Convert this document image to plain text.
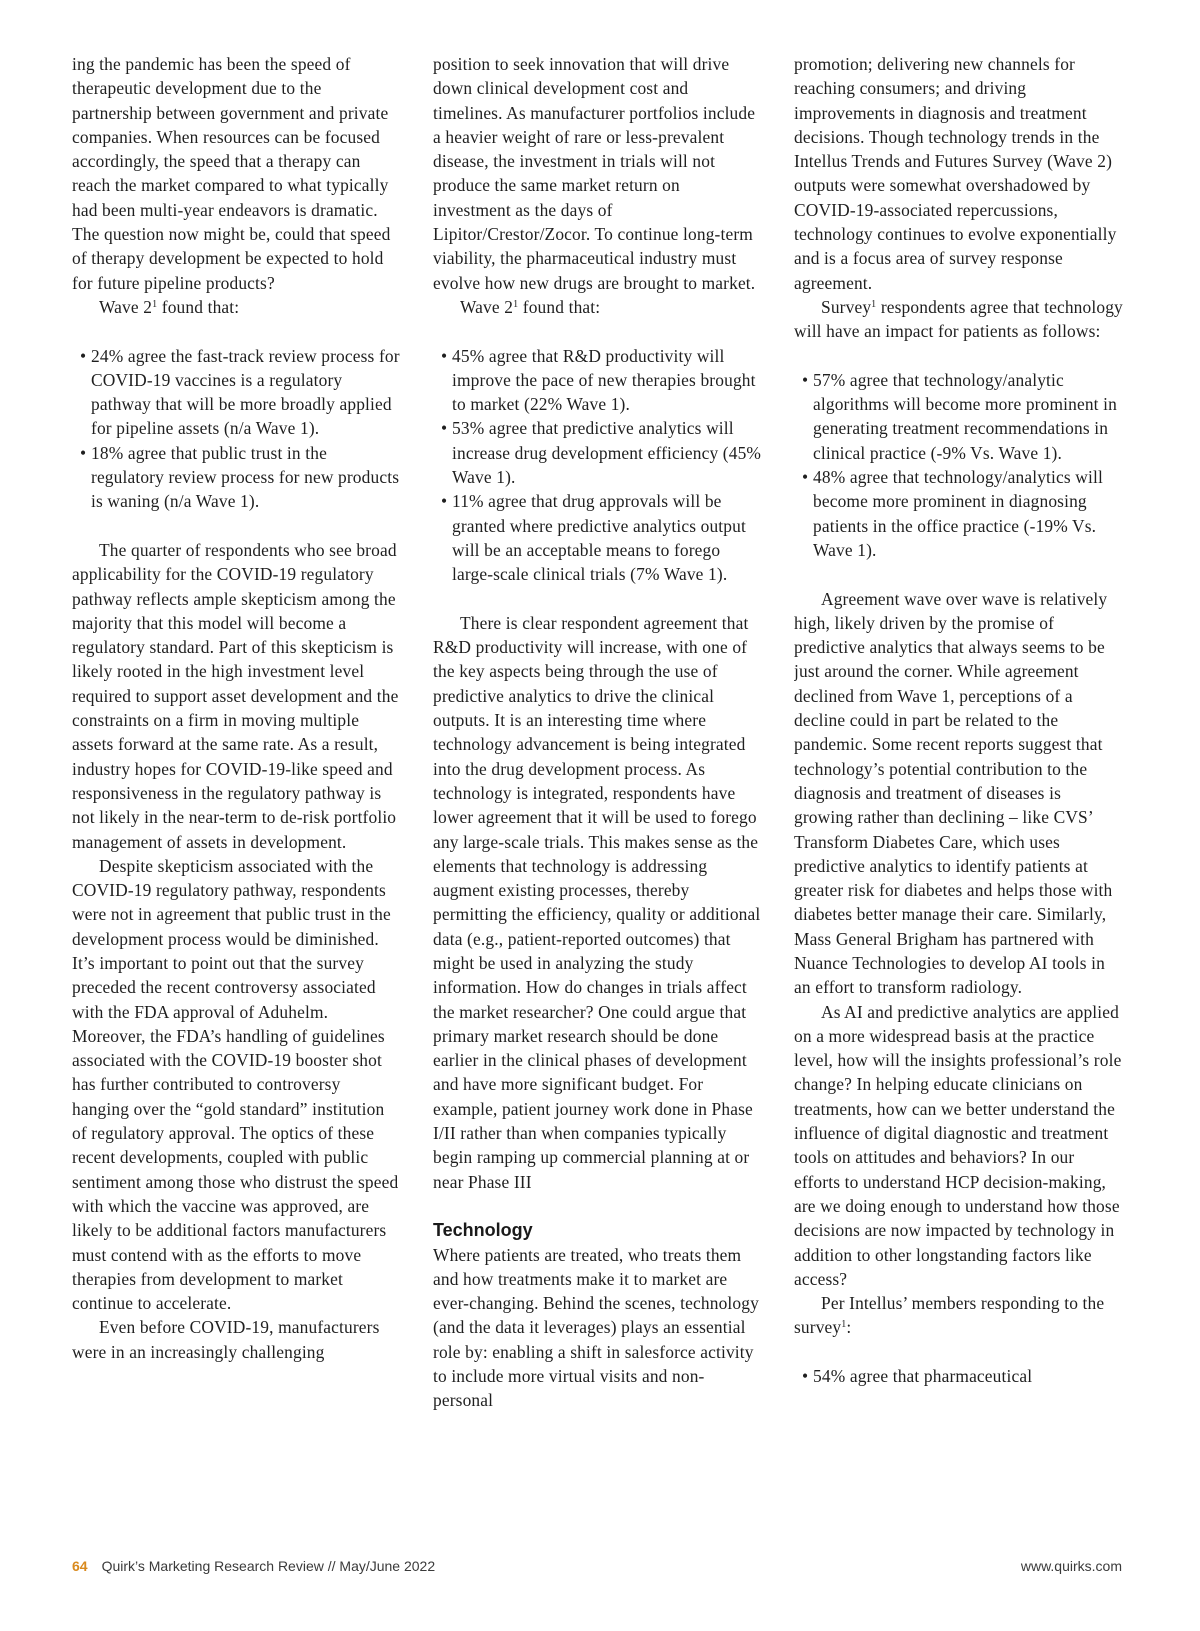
ing the pandemic has been the speed of therapeutic development due to the partnership between government and private companies. When resources can be focused accordingly, the speed that a therapy can reach the market compared to what typically had been multi-year endeavors is dramatic. The question now might be, could that speed of therapy development be expected to hold for future pipeline products?

Wave $2^1$ found that:

• 24% agree the fast-track review process for COVID-19 vaccines is a regulatory pathway that will be more broadly applied for pipeline assets (n/a Wave 1).
• 18% agree that public trust in the regulatory review process for new products is waning (n/a Wave 1).

The quarter of respondents who see broad applicability for the COVID-19 regulatory pathway reflects ample skepticism among the majority that this model will become a regulatory standard. Part of this skepticism is likely rooted in the high investment level required to support asset development and the constraints on a firm in moving multiple assets forward at the same rate. As a result, industry hopes for COVID-19-like speed and responsiveness in the regulatory pathway is not likely in the near-term to de-risk portfolio management of assets in development.

Despite skepticism associated with the COVID-19 regulatory pathway, respondents were not in agreement that public trust in the development process would be diminished. It’s important to point out that the survey preceded the recent controversy associated with the FDA approval of Aduhelm. Moreover, the FDA’s handling of guidelines associated with the COVID-19 booster shot has further contributed to controversy hanging over the “gold standard” institution of regulatory approval. The optics of these recent developments, coupled with public sentiment among those who distrust the speed with which the vaccine was approved, are likely to be additional factors manufacturers must contend with as the efforts to move therapies from development to market continue to accelerate.

Even before COVID-19, manufacturers were in an increasingly challenging

position to seek innovation that will drive down clinical development cost and timelines. As manufacturer portfolios include a heavier weight of rare or less-prevalent disease, the investment in trials will not produce the same market return on investment as the days of Lipitor/Crestor/Zocor. To continue long-term viability, the pharmaceutical industry must evolve how new drugs are brought to market.

Wave $2^1$ found that:

• 45% agree that R&D productivity will improve the pace of new therapies brought to market (22% Wave 1).
• 53% agree that predictive analytics will increase drug development efficiency (45% Wave 1).
• 11% agree that drug approvals will be granted where predictive analytics output will be an acceptable means to forego large-scale clinical trials (7% Wave 1).

There is clear respondent agreement that R&D productivity will increase, with one of the key aspects being through the use of predictive analytics to drive the clinical outputs. It is an interesting time where technology advancement is being integrated into the drug development process. As technology is integrated, respondents have lower agreement that it will be used to forego any large-scale trials. This makes sense as the elements that technology is addressing augment existing processes, thereby permitting the efficiency, quality or additional data (e.g., patient-reported outcomes) that might be used in analyzing the study information. How do changes in trials affect the market researcher? One could argue that primary market research should be done earlier in the clinical phases of development and have more significant budget. For example, patient journey work done in Phase I/II rather than when companies typically begin ramping up commercial planning at or near Phase III

Technology

Where patients are treated, who treats them and how treatments make it to market are ever-changing. Behind the scenes, technology (and the data it leverages) plays an essential role by: enabling a shift in salesforce activity to include more virtual visits and non-personal

promotion; delivering new channels for reaching consumers; and driving improvements in diagnosis and treatment decisions. Though technology trends in the Intellus Trends and Futures Survey (Wave 2) outputs were somewhat overshadowed by COVID-19-associated repercussions, technology continues to evolve exponentially and is a focus area of survey response agreement.

Survey$^1$ respondents agree that technology will have an impact for patients as follows:

• 57% agree that technology/analytic algorithms will become more prominent in generating treatment recommendations in clinical practice (-9% Vs. Wave 1).
• 48% agree that technology/analytics will become more prominent in diagnosing patients in the office practice (-19% Vs. Wave 1).

Agreement wave over wave is relatively high, likely driven by the promise of predictive analytics that always seems to be just around the corner. While agreement declined from Wave 1, perceptions of a decline could in part be related to the pandemic. Some recent reports suggest that technology’s potential contribution to the diagnosis and treatment of diseases is growing rather than declining – like CVS’ Transform Diabetes Care, which uses predictive analytics to identify patients at greater risk for diabetes and helps those with diabetes better manage their care. Similarly, Mass General Brigham has partnered with Nuance Technologies to develop AI tools in an effort to transform radiology.

As AI and predictive analytics are applied on a more widespread basis at the practice level, how will the insights professional’s role change? In helping educate clinicians on treatments, how can we better understand the influence of digital diagnostic and treatment tools on attitudes and behaviors? In our efforts to understand HCP decision-making, are we doing enough to understand how those decisions are now impacted by technology in addition to other longstanding factors like access?

Per Intellus’ members responding to the survey$^1$:

• 54% agree that pharmaceutical
64 Quirk’s Marketing Research Review // May/June 2022	www.quirks.com
